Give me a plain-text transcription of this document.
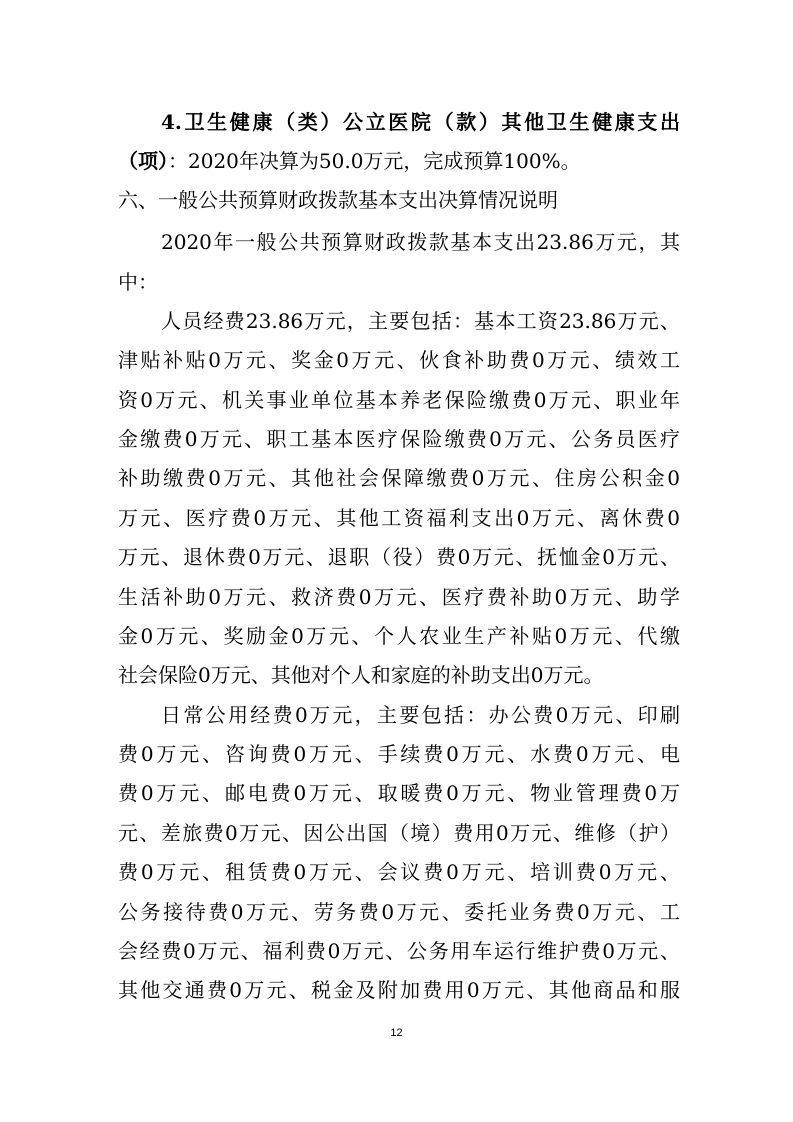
4.卫生健康（类）公立医院（款）其他卫生健康支出
（项）：2020年决算为50.0万元，完成预算100%。
六、一般公共预算财政拨款基本支出决算情况说明
2020年一般公共预算财政拨款基本支出23.86万元，其
中：
人员经费23.86万元，主要包括：基本工资23.86万元、
津贴补贴0万元、奖金0万元、伙食补助费0万元、绩效工
资0万元、机关事业单位基本养老保险缴费0万元、职业年
金缴费0万元、职工基本医疗保险缴费0万元、公务员医疗
补助缴费0万元、其他社会保障缴费0万元、住房公积金0
万元、医疗费0万元、其他工资福利支出0万元、离休费0
万元、退休费0万元、退职（役）费0万元、抚恤金0万元、
生活补助0万元、救济费0万元、医疗费补助0万元、助学
金0万元、奖励金0万元、个人农业生产补贴0万元、代缴
社会保险0万元、其他对个人和家庭的补助支出0万元。
日常公用经费0万元，主要包括：办公费0万元、印刷
费0万元、咨询费0万元、手续费0万元、水费0万元、电
费0万元、邮电费0万元、取暖费0万元、物业管理费0万
元、差旅费0万元、因公出国（境）费用0万元、维修（护）
费0万元、租赁费0万元、会议费0万元、培训费0万元、
公务接待费0万元、劳务费0万元、委托业务费0万元、工
会经费0万元、福利费0万元、公务用车运行维护费0万元、
其他交通费0万元、税金及附加费用0万元、其他商品和服
12
